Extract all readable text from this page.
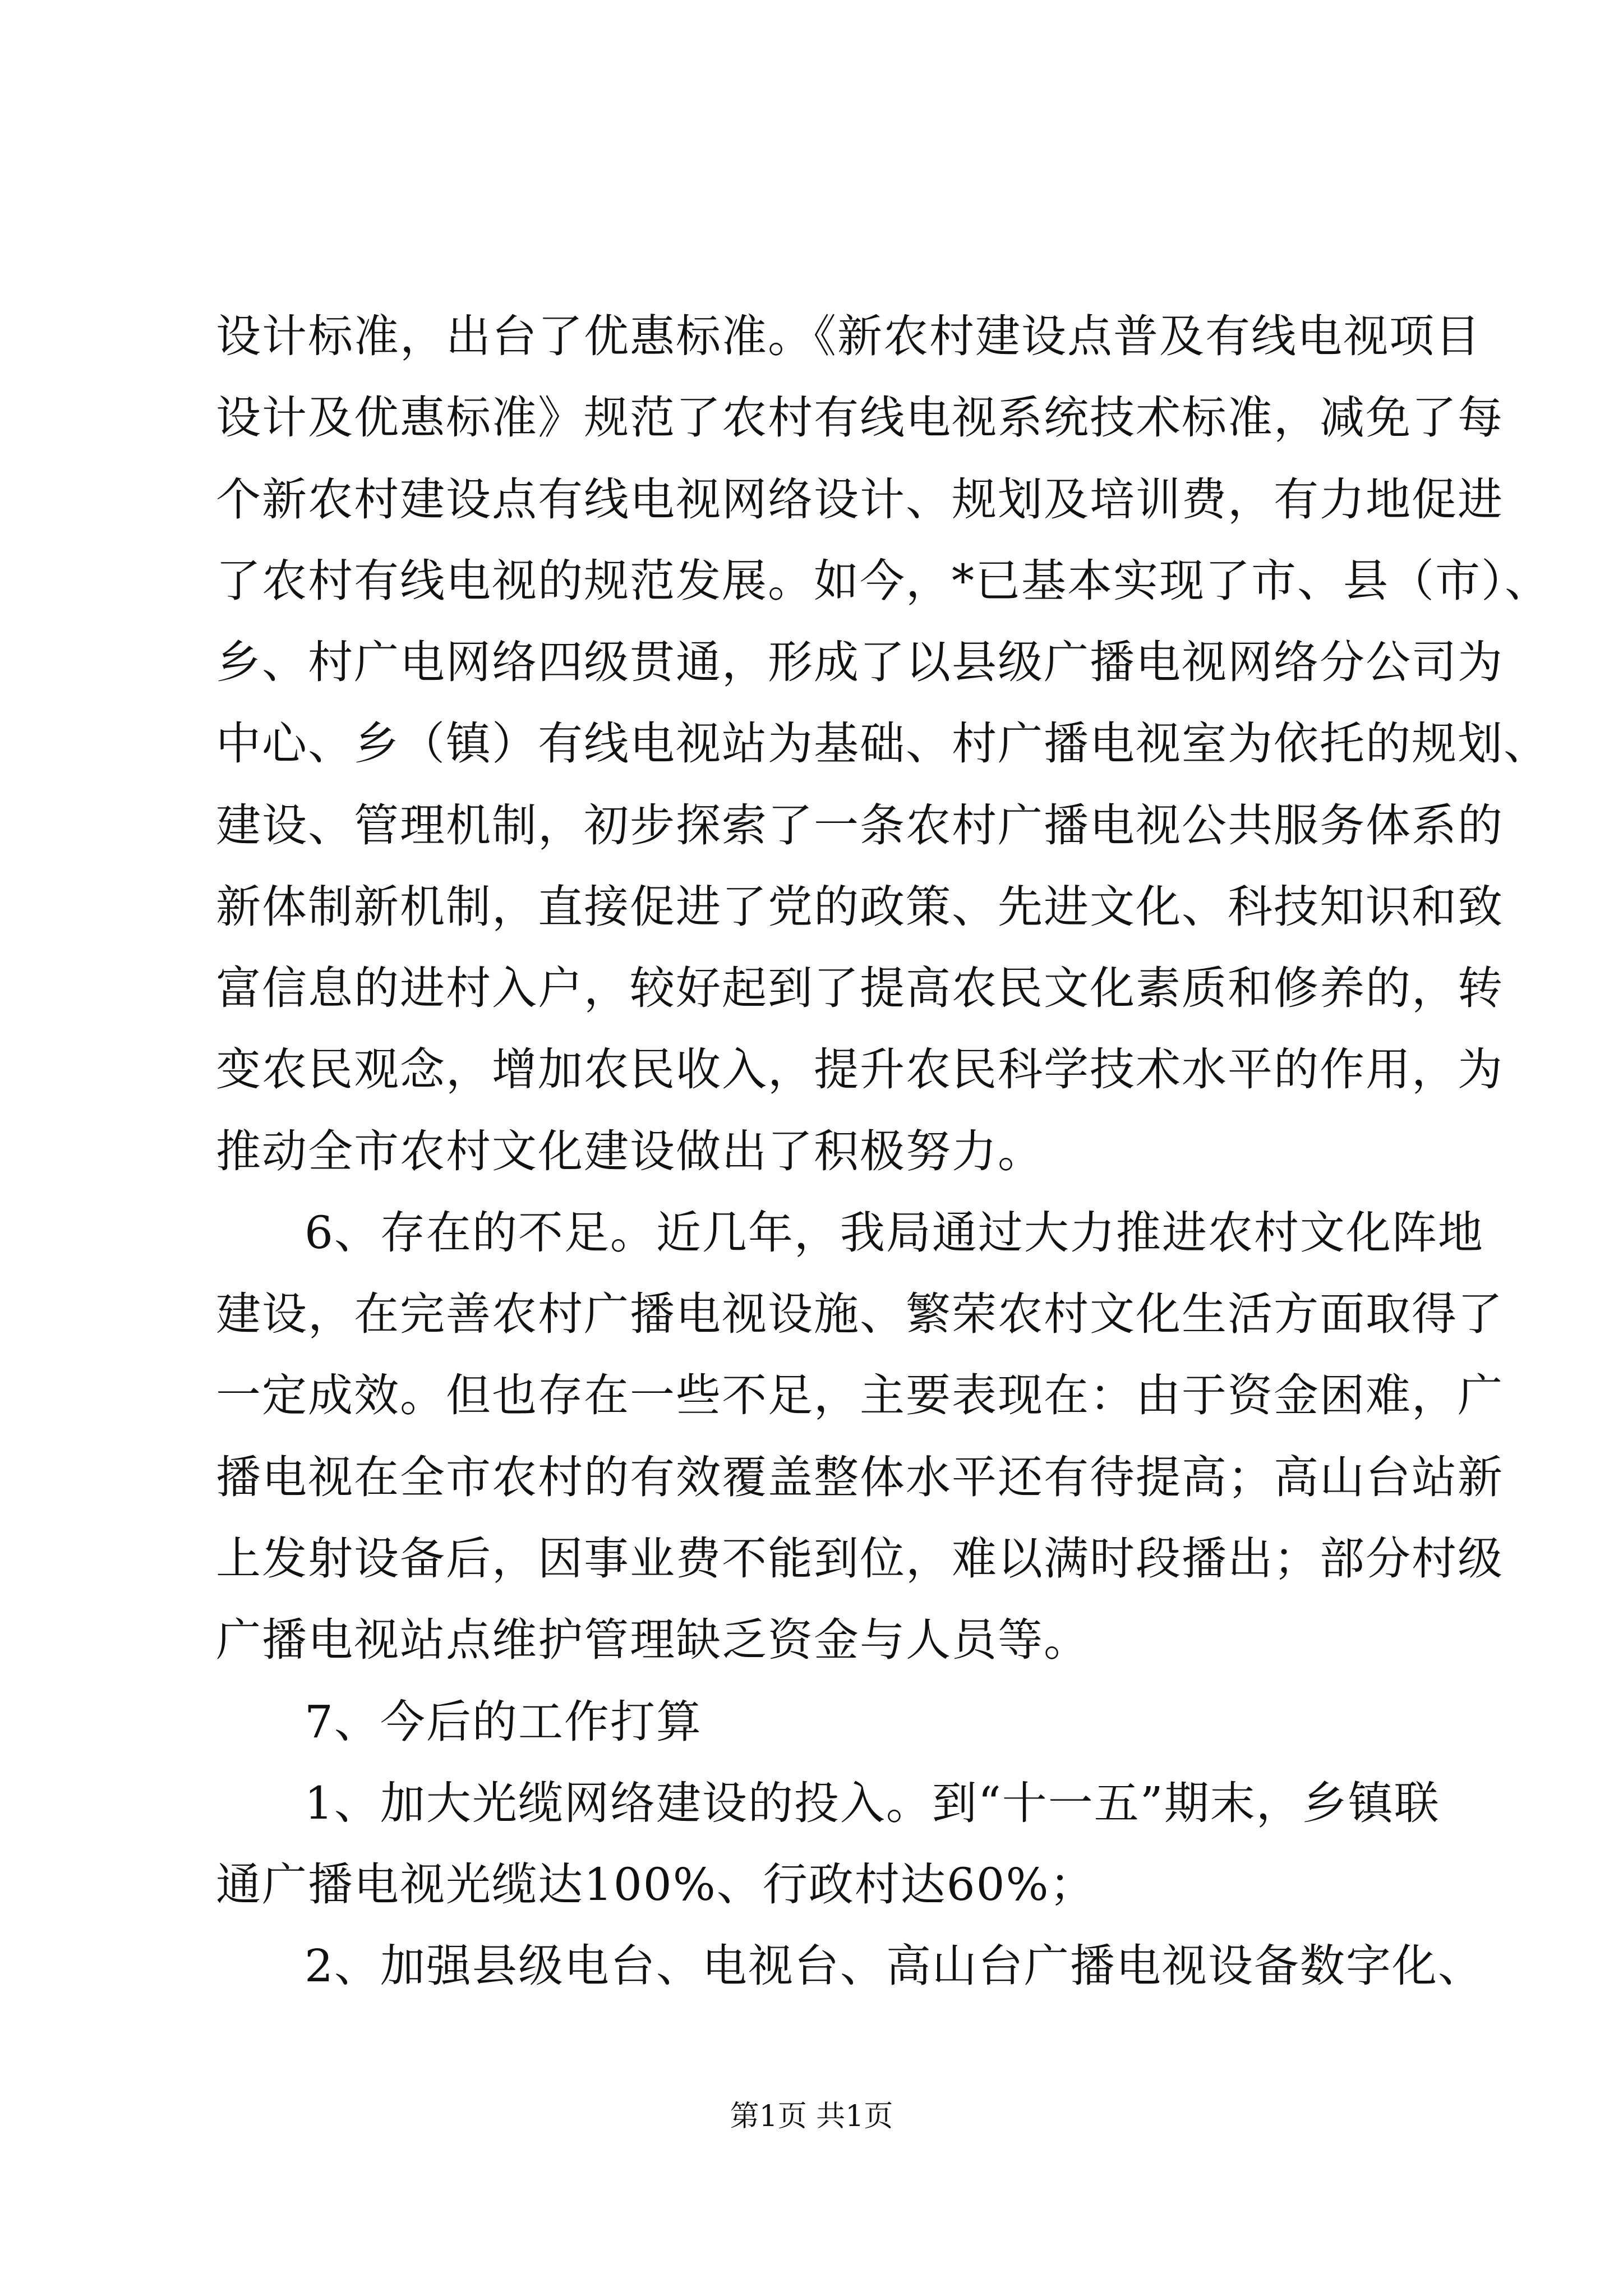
设计标准，出台了优惠标准。《新农村建设点普及有线电视项目
设计及优惠标准》规范了农村有线电视系统技术标准，减免了每
个新农村建设点有线电视网络设计、规划及培训费，有力地促进
了农村有线电视的规范发展。如今，*已基本实现了市、县（市）、
乡、村广电网络四级贯通，形成了以县级广播电视网络分公司为
中心、乡（镇）有线电视站为基础、村广播电视室为依托的规划、
建设、管理机制，初步探索了一条农村广播电视公共服务体系的
新体制新机制，直接促进了党的政策、先进文化、科技知识和致
富信息的进村入户，较好起到了提高农民文化素质和修养的，转
变农民观念，增加农民收入，提升农民科学技术水平的作用，为
推动全市农村文化建设做出了积极努力。
6、存在的不足。近几年，我局通过大力推进农村文化阵地
建设，在完善农村广播电视设施、繁荣农村文化生活方面取得了
一定成效。但也存在一些不足，主要表现在：由于资金困难，广
播电视在全市农村的有效覆盖整体水平还有待提高；高山台站新
上发射设备后，因事业费不能到位，难以满时段播出；部分村级
广播电视站点维护管理缺乏资金与人员等。
7、今后的工作打算
1、加大光缆网络建设的投入。到“十一五”期末，乡镇联
通广播电视光缆达100%、行政村达60%；
2、加强县级电台、电视台、高山台广播电视设备数字化、
第1页 共1页
